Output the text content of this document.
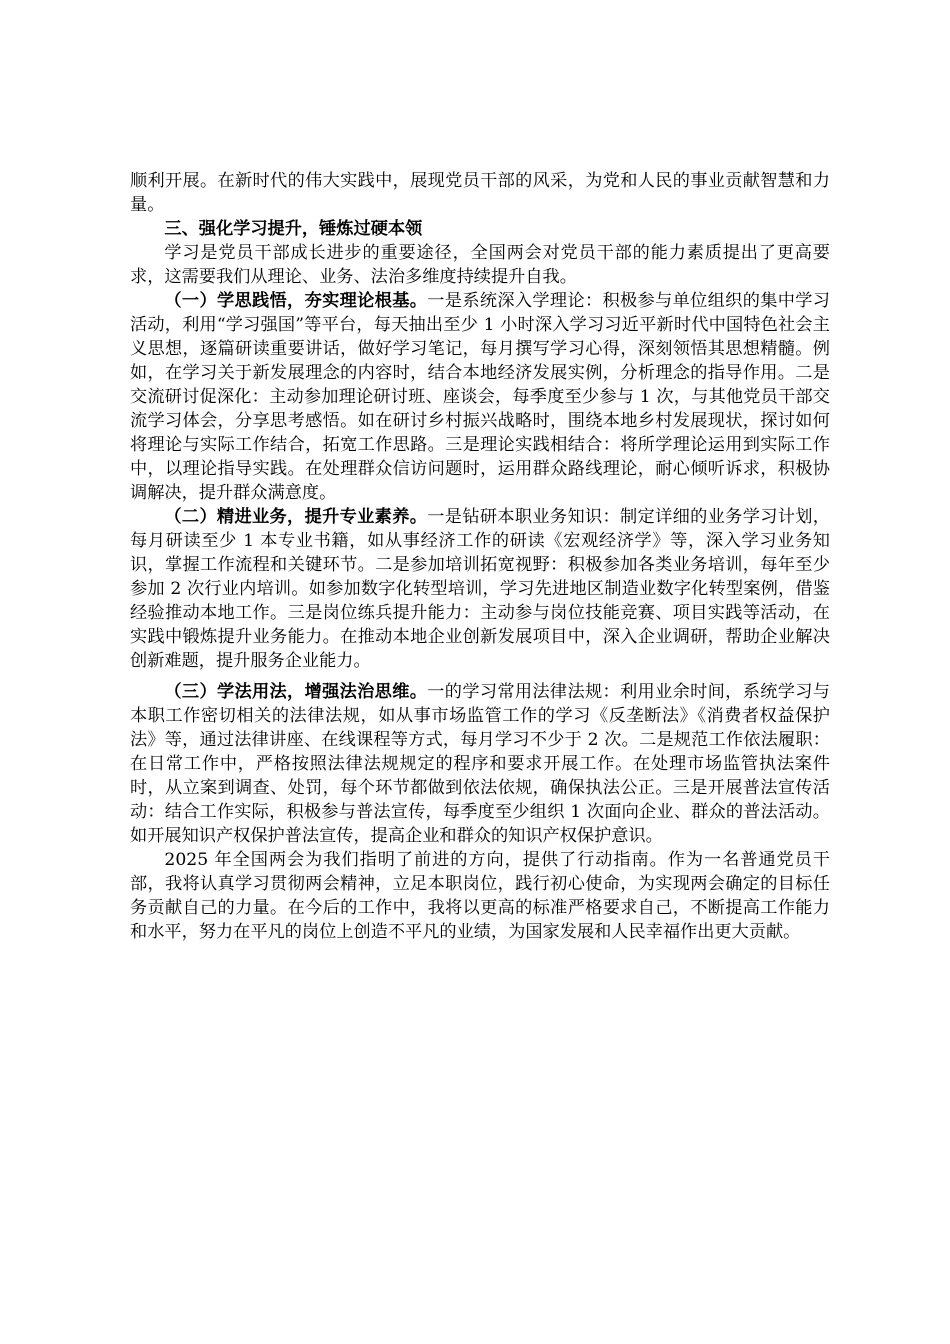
顺利开展。在新时代的伟大实践中，展现党员干部的风采，为党和人民的事业贡献智慧和力量。

三、强化学习提升，锤炼过硬本领

学习是党员干部成长进步的重要途径，全国两会对党员干部的能力素质提出了更高要求，这需要我们从理论、业务、法治多维度持续提升自我。

（一）学思践悟，夯实理论根基。一是系统深入学理论：积极参与单位组织的集中学习活动，利用“学习强国”等平台，每天抽出至少 1 小时深入学习习近平新时代中国特色社会主义思想，逐篇研读重要讲话，做好学习笔记，每月撰写学习心得，深刻领悟其思想精髓。例如，在学习关于新发展理念的内容时，结合本地经济发展实例，分析理念的指导作用。二是交流研讨促深化：主动参加理论研讨班、座谈会，每季度至少参与 1 次，与其他党员干部交流学习体会，分享思考感悟。如在研讨乡村振兴战略时，围绕本地乡村发展现状，探讨如何将理论与实际工作结合，拓宽工作思路。三是理论实践相结合：将所学理论运用到实际工作中，以理论指导实践。在处理群众信访问题时，运用群众路线理论，耐心倾听诉求，积极协调解决，提升群众满意度。

（二）精进业务，提升专业素养。一是钻研本职业务知识：制定详细的业务学习计划，每月研读至少 1 本专业书籍，如从事经济工作的研读《宏观经济学》等，深入学习业务知识，掌握工作流程和关键环节。二是参加培训拓宽视野：积极参加各类业务培训，每年至少参加 2 次行业内培训。如参加数字化转型培训，学习先进地区制造业数字化转型案例，借鉴经验推动本地工作。三是岗位练兵提升能力：主动参与岗位技能竞赛、项目实践等活动，在实践中锻炼提升业务能力。在推动本地企业创新发展项目中，深入企业调研，帮助企业解决创新难题，提升服务企业能力。

（三）学法用法，增强法治思维。一的学习常用法律法规：利用业余时间，系统学习与本职工作密切相关的法律法规，如从事市场监管工作的学习《反垄断法》《消费者权益保护法》等，通过法律讲座、在线课程等方式，每月学习不少于 2 次。二是规范工作依法履职：在日常工作中，严格按照法律法规规定的程序和要求开展工作。在处理市场监管执法案件时，从立案到调查、处罚，每个环节都做到依法依规，确保执法公正。三是开展普法宣传活动：结合工作实际，积极参与普法宣传，每季度至少组织 1 次面向企业、群众的普法活动。如开展知识产权保护普法宣传，提高企业和群众的知识产权保护意识。

2025 年全国两会为我们指明了前进的方向，提供了行动指南。作为一名普通党员干部，我将认真学习贯彻两会精神，立足本职岗位，践行初心使命，为实现两会确定的目标任务贡献自己的力量。在今后的工作中，我将以更高的标准严格要求自己，不断提高工作能力和水平，努力在平凡的岗位上创造不平凡的业绩，为国家发展和人民幸福作出更大贡献。
